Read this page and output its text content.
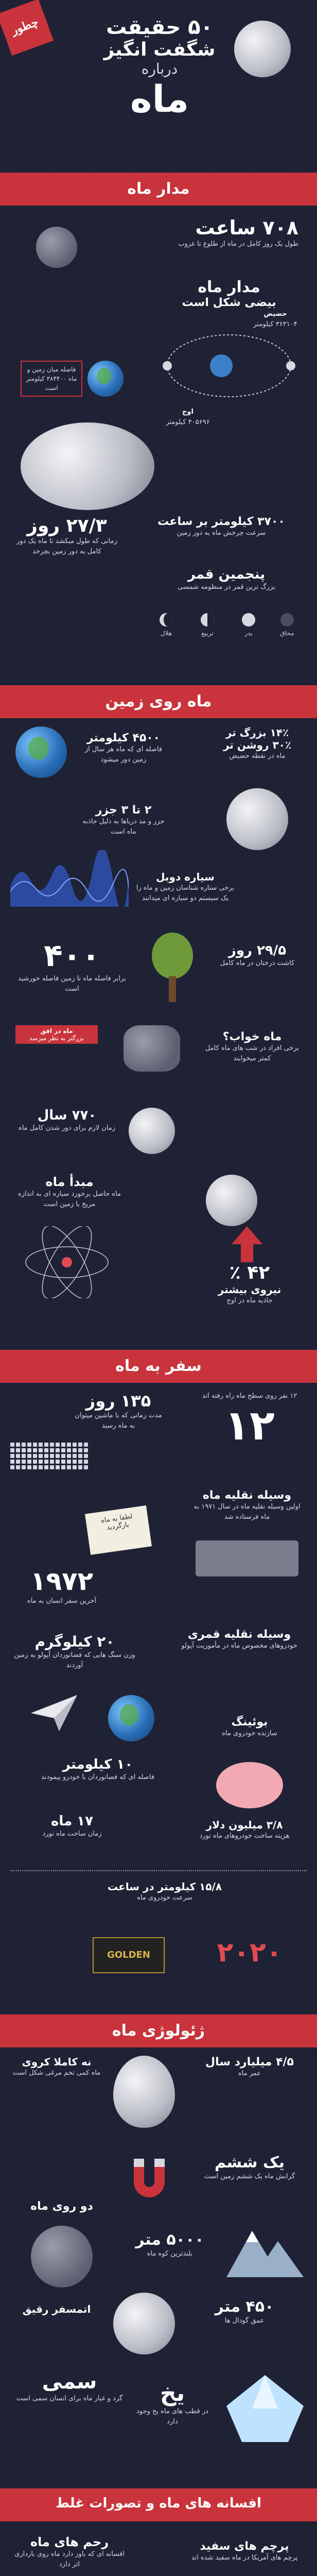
چطور	۵۰ حقیقت
شگفت انگیز
درباره
ماه
مدار ماه
۷۰۸ ساعت
طول یک روز کامل در ماه از طلوع تا غروب
مدار ماه
بیضی شکل است
حضیض
۳۶۳۱۰۴ کیلومتر
اوج
۴۰۵۶۹۶ کیلومتر
فاصله میان زمین و ماه ۳۸۴۴۰۰ کیلومتر است
۲۷/۳ روز
زمانی که طول میکشد تا ماه یک دور کامل به دور زمین بچرخد
۳۷۰۰ کیلومتر بر ساعت
سرعت چرخش ماه به دور زمین
پنجمین قمر
بزرگ ترین قمر در منظومه شمسی
هلال	تربیع	بدر	محاق
ماه روی زمین
۴۵۰۰ کیلومتر
فاصله ای که ماه هر سال از زمین دور میشود
۱۴٪ بزرگ تر
۳۰٪ روشن تر
ماه در نقطه حضیض
۲ تا ۳ جزر
جزر و مد دریاها به دلیل جاذبه ماه است
سیاره دوبل
برخی ستاره شناسان زمین و ماه را یک سیستم دو سیاره ای میدانند
۴۰۰
برابر فاصله ماه تا زمین فاصله خورشید است
۲۹/۵ روز
کاشت درختان در ماه کامل
ماه در افق
بزرگتر به نظر میرسد	ماه خواب؟
برخی افراد در شب های ماه کامل کمتر میخوابند
۷۷۰ سال
زمان لازم برای دور شدن کامل ماه
مبدأ ماه
ماه حاصل برخورد سیاره ای به اندازه مریخ با زمین است
۴۲ ٪
نیروی بیشتر
جاذبه ماه در اوج
سفر به ماه
۱۳۵ روز
مدت زمانی که با ماشین میتوان به ماه رسید
۱۲ نفر روی سطح ماه راه رفته اند
۱۲
وسیله نقلیه ماه
اولین وسیله نقلیه ماه در سال ۱۹۷۱ به ماه فرستاده شد
لطفا به ماه بازگردید
۱۹۷۲
آخرین سفر انسان به ماه
۲۰ کیلوگرم
وزن سنگ هایی که فضانوردان آپولو به زمین آوردند
وسیله نقلیه قمری
خودروهای مخصوص ماه در مأموریت آپولو
بوئینگ
سازنده خودروی ماه
۱۰ کیلومتر
فاصله ای که فضانوردان با خودرو پیمودند
۱۷ ماه
زمان ساخت ماه نورد
۳/۸ میلیون دلار
هزینه ساخت خودروهای ماه نورد
۱۵/۸ کیلومتر در ساعت
سرعت خودروی ماه
GOLDEN	۲۰۲۰
ژئولوژی ماه
نه کاملا کروی
ماه کمی تخم مرغی شکل است
۴/۵ میلیارد سال
عمر ماه
یک ششم
گرانش ماه یک ششم زمین است
دو روی ماه
۵۰۰۰ متر
بلندترین کوه ماه
اتمسفر رقیق	۴۵۰ متر
عمق گودال ها
سمی
گرد و غبار ماه برای انسان سمی است	یخ
در قطب های ماه یخ وجود دارد
افسانه های ماه و تصورات غلط
رحم های ماه
افسانه ای که باور دارد ماه روی بارداری اثر دارد
پرچم های سفید
پرچم های آمریکا در ماه سفید شده اند
